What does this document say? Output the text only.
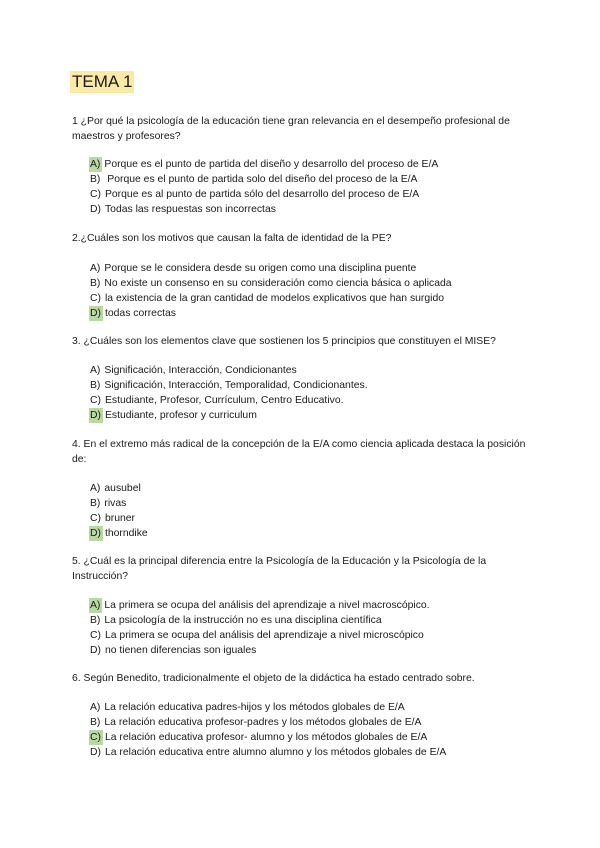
TEMA 1
1 ¿Por qué la psicología de la educación tiene gran relevancia en el desempeño profesional de maestros y profesores?
A) Porque es el punto de partida del diseño y desarrollo del proceso de E/A
B) Porque es el punto de partida solo del diseño del proceso de la E/A
C) Porque es al punto de partida sólo del desarrollo del proceso de E/A
D) Todas las respuestas son incorrectas
2.¿Cuáles son los motivos que causan la falta de identidad de la PE?
A) Porque se le considera desde su origen como una disciplina puente
B) No existe un consenso en su consideración como ciencia básica o aplicada
C) la existencia de la gran cantidad de modelos explicativos que han surgido
D) todas correctas
3. ¿Cuáles son los elementos clave que sostienen los 5 principios que constituyen el MISE?
A) Significación, Interacción, Condicionantes
B) Significación, Interacción, Temporalidad, Condicionantes.
C) Estudiante, Profesor, Currículum, Centro Educativo.
D) Estudiante, profesor y curriculum
4. En el extremo más radical de la concepción de la E/A como ciencia aplicada destaca la posición de:
A) ausubel
B) rivas
C) bruner
D) thorndike
5. ¿Cuál es la principal diferencia entre la Psicología de la Educación y la Psicología de la Instrucción?
A) La primera se ocupa del análisis del aprendizaje a nivel macroscópico.
B) La psicología de la instrucción no es una disciplina científica
C) La primera se ocupa del análisis del aprendizaje a nivel microscópico
D) no tienen diferencias son iguales
6. Según Benedito, tradicionalmente el objeto de la didáctica ha estado centrado sobre.
A) La relación educativa padres-hijos y los métodos globales de E/A
B) La relación educativa profesor-padres y los métodos globales de E/A
C) La relación educativa profesor- alumno y los métodos globales de E/A
D) La relación educativa entre alumno alumno y los métodos globales de E/A
